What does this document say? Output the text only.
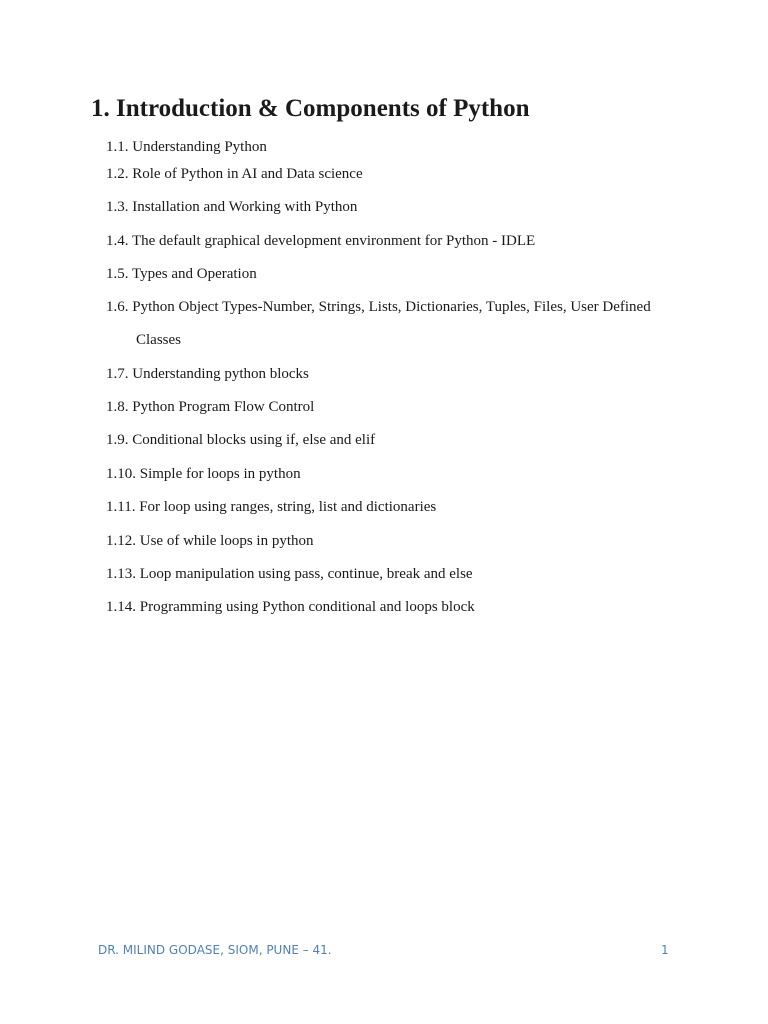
1. Introduction & Components of Python
1.1. Understanding Python
1.2. Role of Python in AI and Data science
1.3. Installation and Working with Python
1.4. The default graphical development environment for Python - IDLE
1.5. Types and Operation
1.6. Python Object Types-Number, Strings, Lists, Dictionaries, Tuples, Files, User Defined
Classes
1.7. Understanding python blocks
1.8. Python Program Flow Control
1.9. Conditional blocks using if, else and elif
1.10. Simple for loops in python
1.11. For loop using ranges, string, list and dictionaries
1.12. Use of while loops in python
1.13. Loop manipulation using pass, continue, break and else
1.14. Programming using Python conditional and loops block
DR. MILIND GODASE, SIOM, PUNE – 41.	1
